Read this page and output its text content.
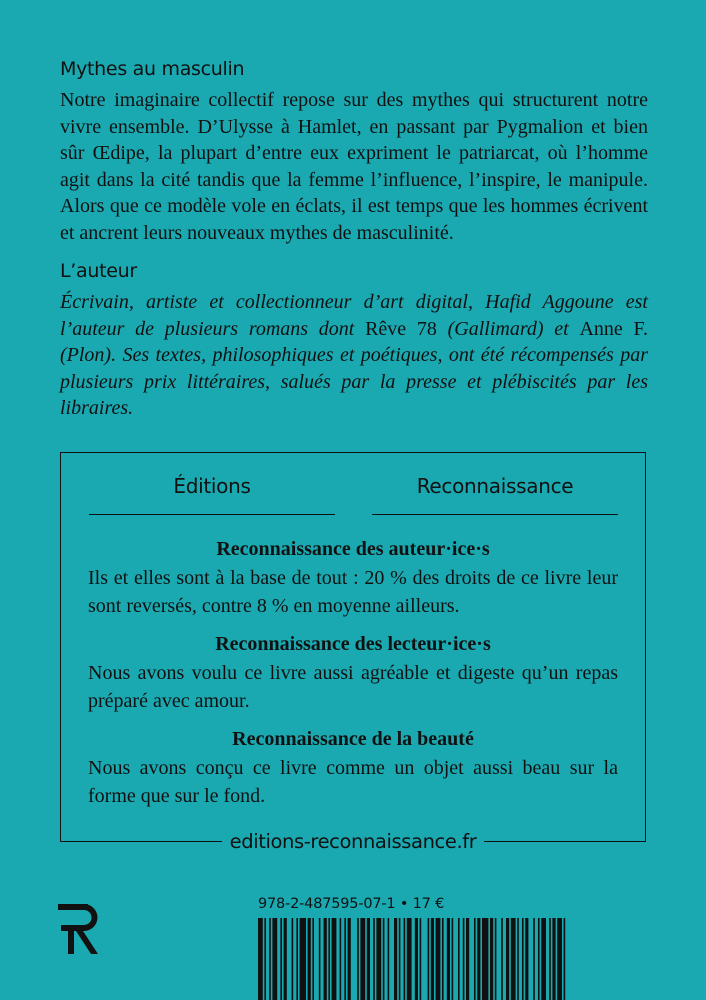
Mythes au masculin

Notre imaginaire collectif repose sur des mythes qui structurent notre vivre ensemble. D’Ulysse à Hamlet, en passant par Pygmalion et bien sûr Œdipe, la plupart d’entre eux expriment le patriarcat, où l’homme agit dans la cité tandis que la femme l’influence, l’inspire, le manipule. Alors que ce modèle vole en éclats, il est temps que les hommes écrivent et ancrent leurs nouveaux mythes de masculinité.

L’auteur

Écrivain, artiste et collectionneur d’art digital, Hafid Aggoune est l’auteur de plusieurs romans dont Rêve 78 (Gallimard) et Anne F. (Plon). Ses textes, philosophiques et poétiques, ont été récompensés par plusieurs prix littéraires, salués par la presse et plébiscités par les libraires.

Éditions	Reconnaissance
Reconnaissance des auteur·ice·s

Ils et elles sont à la base de tout : 20 % des droits de ce livre leur sont reversés, contre 8 % en moyenne ailleurs.

Reconnaissance des lecteur·ice·s

Nous avons voulu ce livre aussi agréable et digeste qu’un repas préparé avec amour.

Reconnaissance de la beauté

Nous avons conçu ce livre comme un objet aussi beau sur la forme que sur le fond.

editions-reconnaissance.fr
978-2-487595-07-1 • 17 €
